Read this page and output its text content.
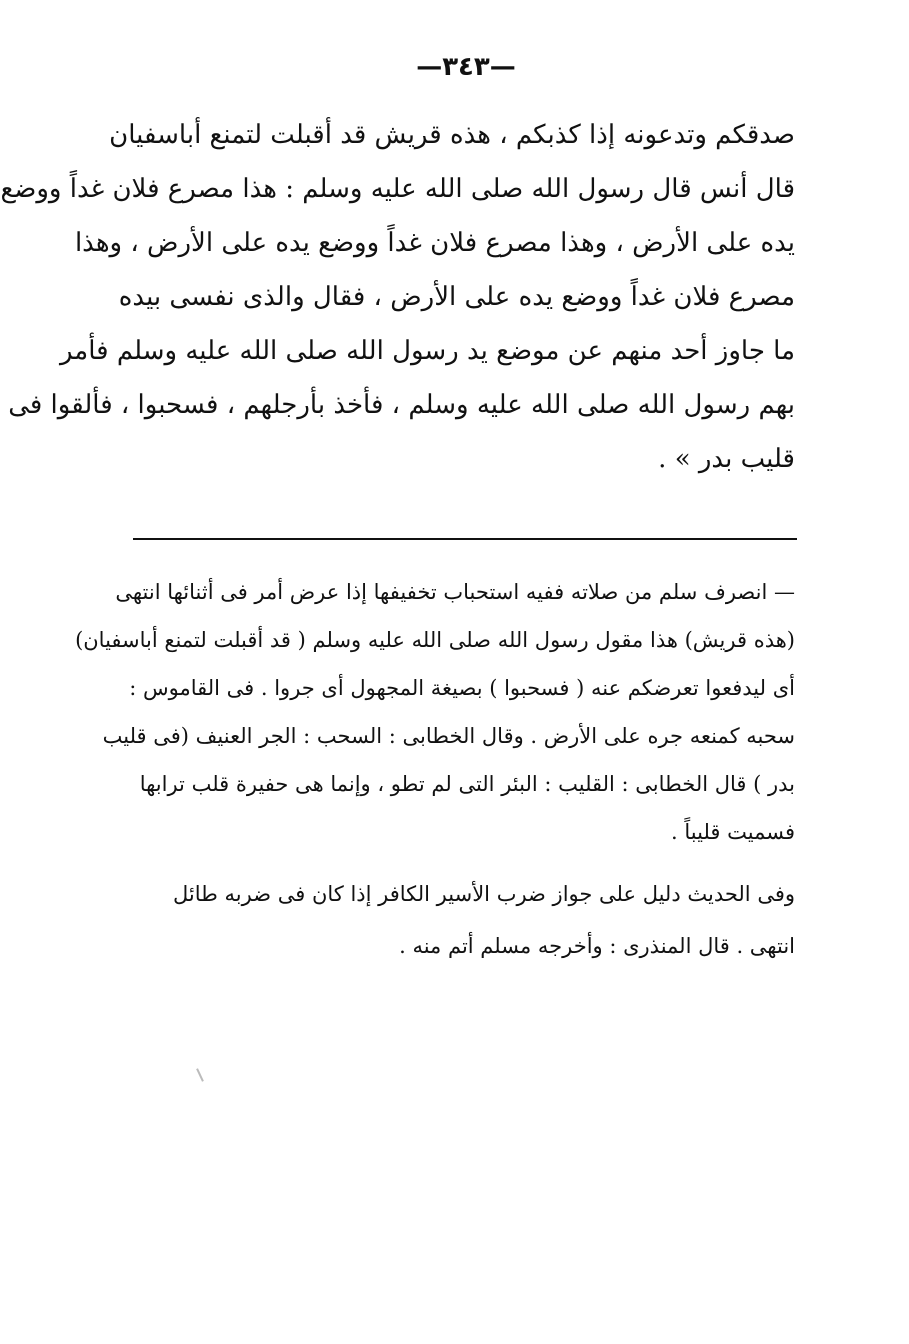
—٣٤٣—
صدقكم وتدعونه إذا كذبكم ، هذه قريش قد أقبلت لتمنع أباسفيان
قال أنس قال رسول الله صلى الله عليه وسلم : هذا مصرع فلان غداً ووضع
يده على الأرض ، وهذا مصرع فلان غداً ووضع يده على الأرض ، وهذا
مصرع فلان غداً ووضع يده على الأرض ، فقال والذى نفسى بيده
ما جاوز أحد منهم عن موضع يد رسول الله صلى الله عليه وسلم فأمر
بهم رسول الله صلى الله عليه وسلم ، فأخذ بأرجلهم ، فسحبوا ، فألقوا فى
قليب بدر » .
— انصرف سلم من صلاته ففيه استحباب تخفيفها إذا عرض أمر فى أثنائها انتهى
(هذه قريش) هذا مقول رسول الله صلى الله عليه وسلم ( قد أقبلت لتمنع أباسفيان)
أى ليدفعوا تعرضكم عنه ( فسحبوا ) بصيغة المجهول أى جروا . فى القاموس :
سحبه كمنعه جره على الأرض . وقال الخطابى : السحب : الجر العنيف (فى قليب
بدر ) قال الخطابى : القليب : البئر التى لم تطو ، وإنما هى حفيرة قلب ترابها
فسميت قليباً .
وفى الحديث دليل على جواز ضرب الأسير الكافر إذا كان فى ضربه طائل
انتهى . قال المنذرى : وأخرجه مسلم أتم منه .
